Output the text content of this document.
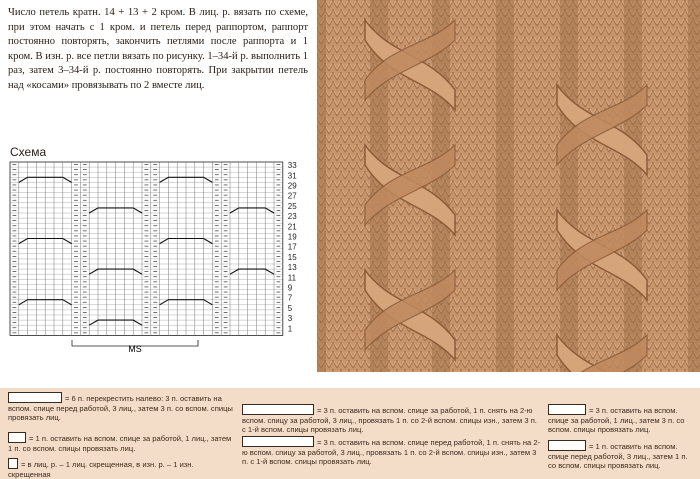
Число петель кратн. 14 + 13 + 2 кром. В лиц. р. вязать по схеме, при этом начать с 1 кром. и петель перед раппортом, раппорт постоянно повторять, закончить петлями после раппорта и 1 кром. В изн. р. все петли вязать по рисунку. 1–34-й р. выполнить 1 раз, затем 3–34-й р. постоянно повторять. При закрытии петель над «косами» провязывать по 2 вместе лиц.

Схема
33
31
29
27
25
23
21
19
17
15
13
11
9
7
5
3
1
MS
= 6 п. перекрестить налево: 3 п. оставить на вспом. спице перед работой, 3 лиц., затем 3 п. со вспом. спицы провязать лиц.
= 1 п. оставить на вспом. спице за работой, 1 лиц., затем 1 п. со вспом. спицы провязать лиц.
= в лиц. р. – 1 лиц. скрещенная, в изн. р. – 1 изн. скрещенная
= 3 п. оставить на вспом. спице за работой, 1 п. снять на 2-ю вспом. спицу за работой, 3 лиц., провязать 1 п. со 2-й вспом. спицы изн., затем 3 п. с 1-й вспом. спицы провязать лиц.
= 3 п. оставить на вспом. спице перед работой, 1 п. снять на 2-ю вспом. спицу за работой, 3 лиц., провязать 1 п. со 2-й вспом. спицы изн., затем 3 п. с 1-й вспом. спицы провязать лиц.
= 3 п. оставить на вспом. спице за работой, 1 лиц., затем 3 п. со вспом. спицы провязать лиц.
= 1 п. оставить на вспом. спице перед работой, 3 лиц., затем 1 п. со вспом. спицы провязать лиц.
